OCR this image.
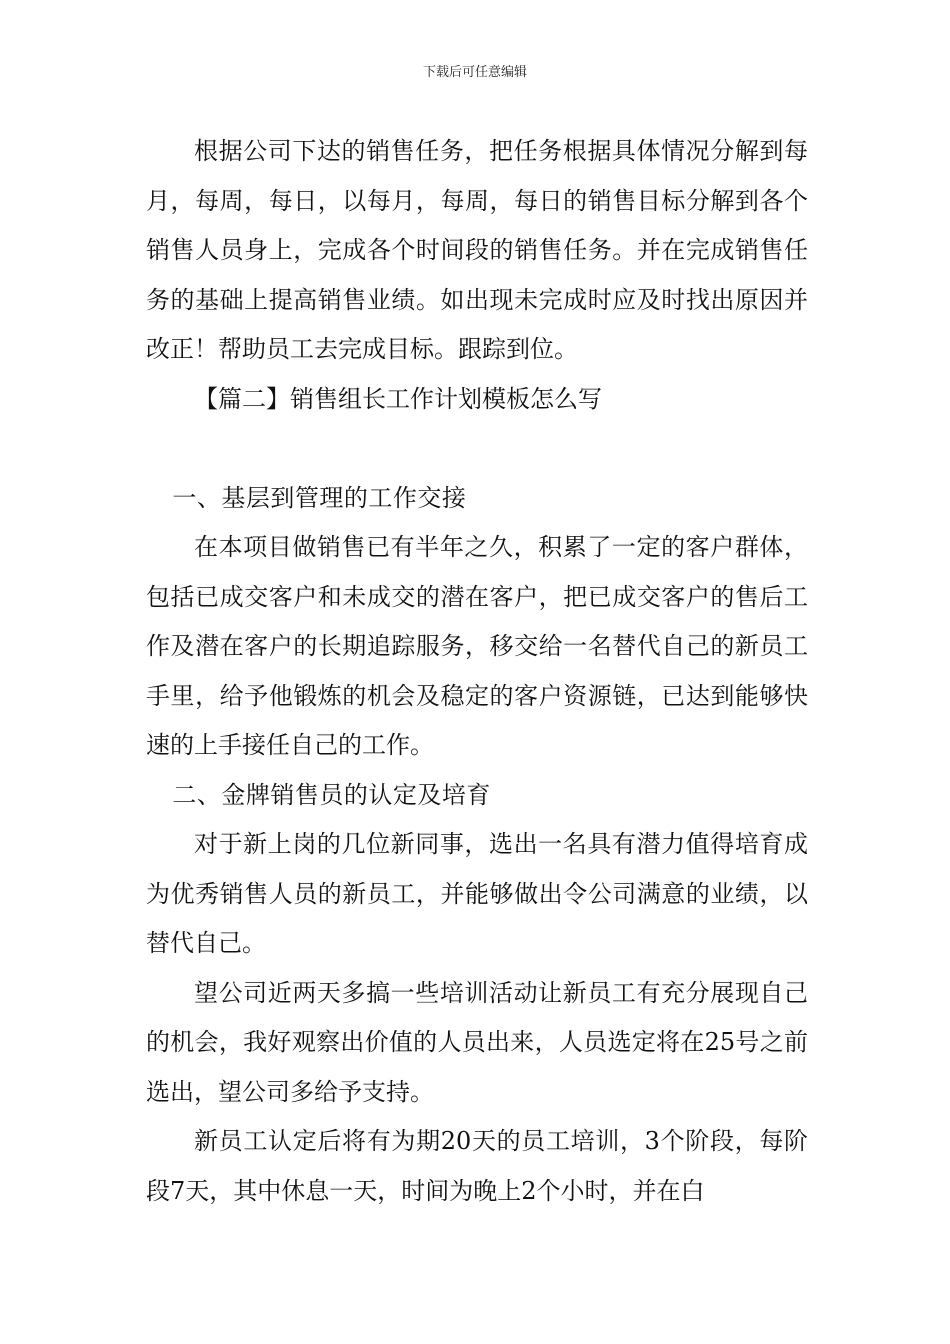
下载后可任意编辑

根据公司下达的销售任务，把任务根据具体情况分解到每月，每周，每日，以每月，每周，每日的销售目标分解到各个销售人员身上，完成各个时间段的销售任务。并在完成销售任务的基础上提高销售业绩。如出现未完成时应及时找出原因并改正！帮助员工去完成目标。跟踪到位。

【篇二】销售组长工作计划模板怎么写

一、基层到管理的工作交接

在本项目做销售已有半年之久，积累了一定的客户群体，包括已成交客户和未成交的潜在客户，把已成交客户的售后工作及潜在客户的长期追踪服务，移交给一名替代自己的新员工手里，给予他锻炼的机会及稳定的客户资源链，已达到能够快速的上手接任自己的工作。

二、金牌销售员的认定及培育

对于新上岗的几位新同事，选出一名具有潜力值得培育成为优秀销售人员的新员工，并能够做出令公司满意的业绩，以替代自己。

望公司近两天多搞一些培训活动让新员工有充分展现自己的机会，我好观察出价值的人员出来，人员选定将在25号之前选出，望公司多给予支持。

新员工认定后将有为期20天的员工培训，3个阶段，每阶段7天，其中休息一天，时间为晚上2个小时，并在白
